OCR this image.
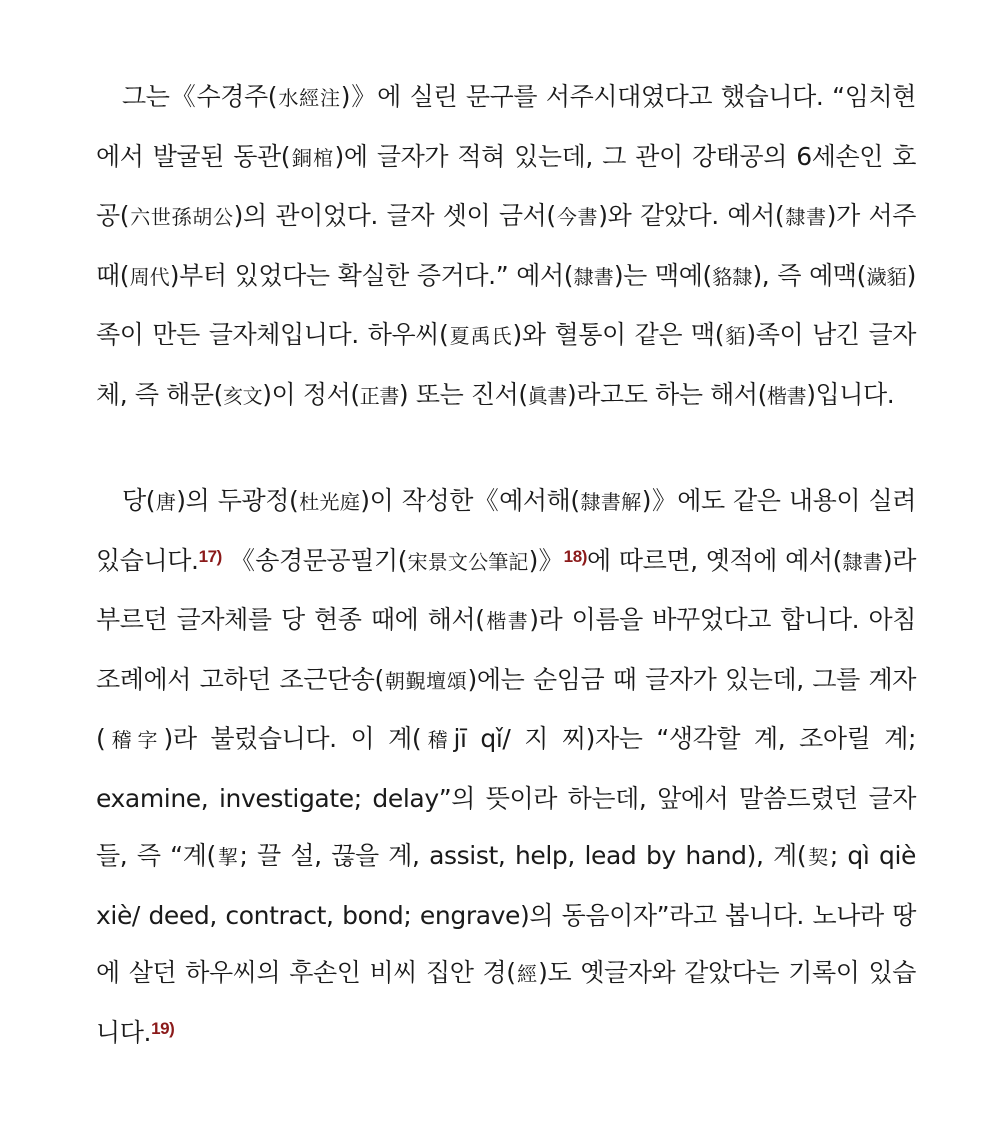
그는《수경주(水經注)》에 실린 문구를 서주시대였다고 했습니다. “임치현에서 발굴된 동관(銅棺)에 글자가 적혀 있는데, 그 관이 강태공의 6세손인 호공(六世孫胡公)의 관이었다. 글자 셋이 금서(今書)와 같았다. 예서(隸書)가 서주 때(周代)부터 있었다는 확실한 증거다.” 예서(隸書)는 맥예(貉隸), 즉 예맥(濊貊)족이 만든 글자체입니다. 하우씨(夏禹氏)와 혈통이 같은 맥(貊)족이 남긴 글자체, 즉 해문(亥文)이 정서(正書) 또는 진서(眞書)라고도 하는 해서(楷書)입니다.

당(唐)의 두광정(杜光庭)이 작성한《예서해(隸書解)》에도 같은 내용이 실려 있습니다.$^{17)}$ 《송경문공필기(宋景文公筆記)》$^{18)}$에 따르면, 옛적에 예서(隸書)라 부르던 글자체를 당 현종 때에 해서(楷書)라 이름을 바꾸었다고 합니다. 아침 조례에서 고하던 조근단송(朝覲壇頌)에는 순임금 때 글자가 있는데, 그를 계자(稽字)라 불렀습니다. 이 계(稽jī qǐ/ 지 찌)자는 “생각할 계, 조아릴 계; examine, investigate; delay”의 뜻이라 하는데, 앞에서 말씀드렸던 글자들, 즉 “계(挈; 끌 설, 끊을 계, assist, help, lead by hand), 계(契; qì qiè xiè/ deed, contract, bond; engrave)의 동음이자”라고 봅니다. 노나라 땅에 살던 하우씨의 후손인 비씨 집안 경(經)도 옛글자와 같았다는 기록이 있습니다.$^{19)}$
